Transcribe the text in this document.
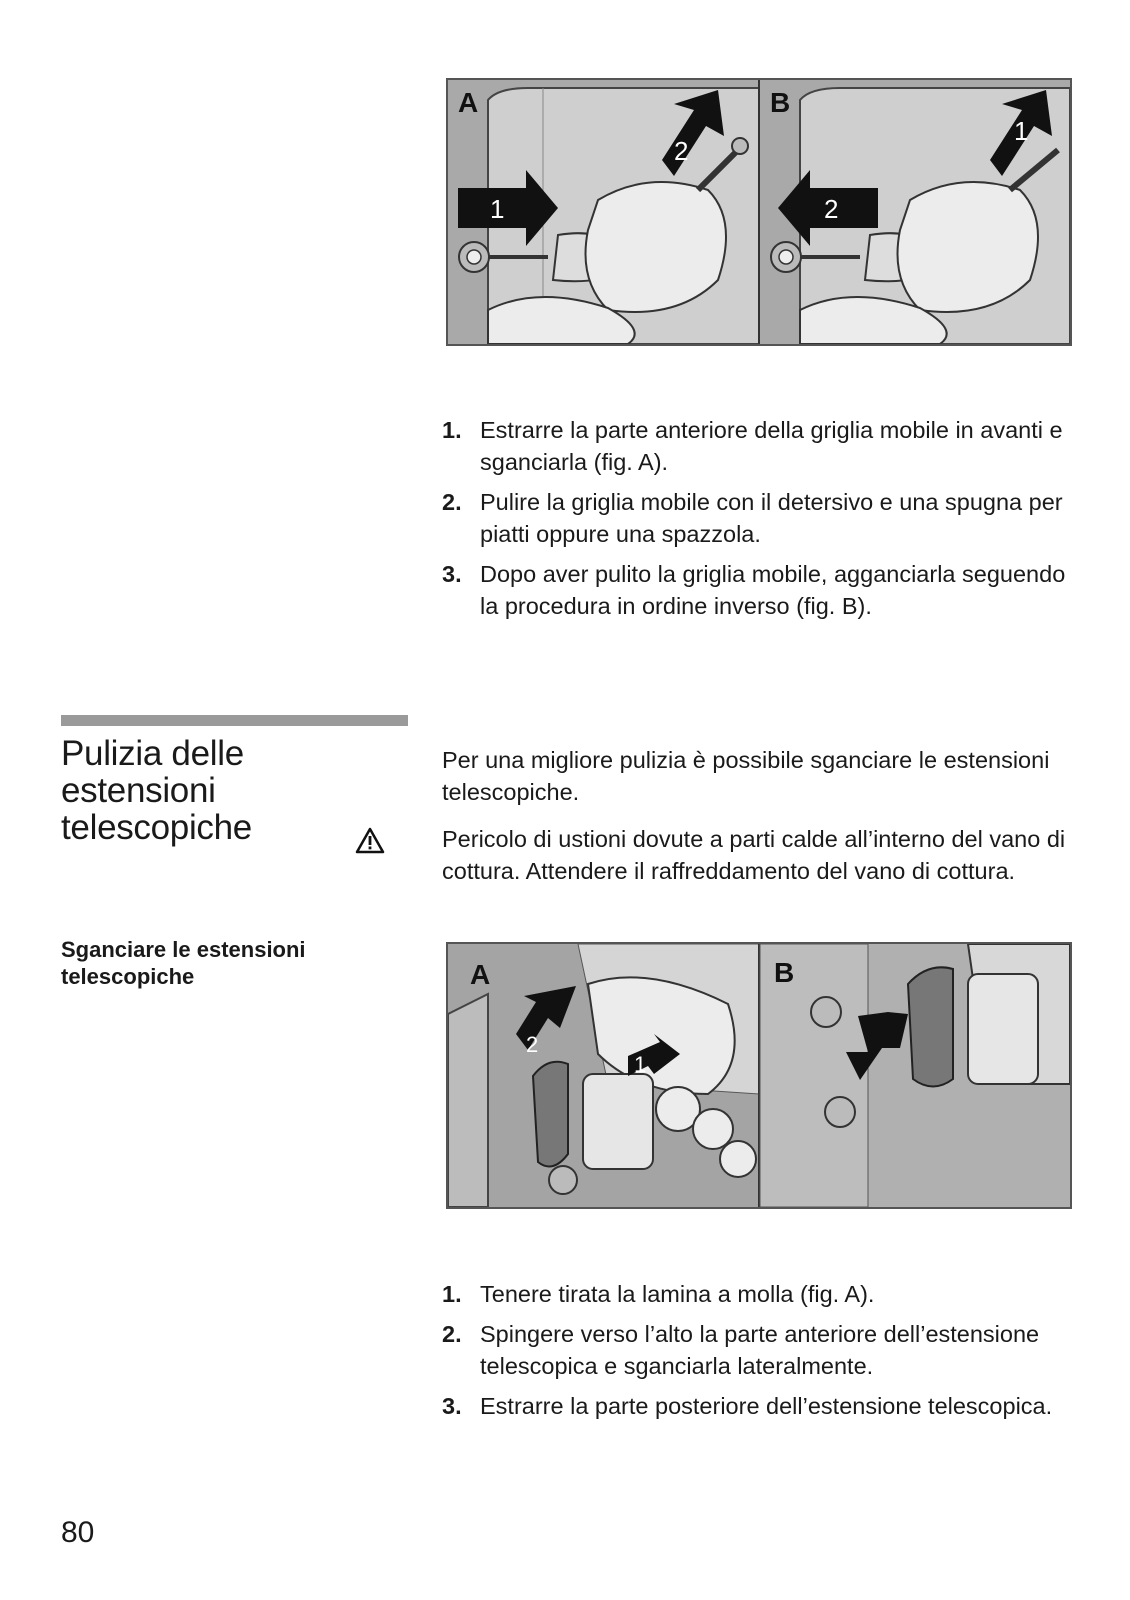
A
1
2
B
2
1
1. Estrarre la parte anteriore della griglia mobile in avanti e sganciarla (fig. A).
2. Pulire la griglia mobile con il detersivo e una spugna per piatti oppure una spazzola.
3. Dopo aver pulito la griglia mobile, agganciarla seguendo la procedura in ordine inverso (fig. B).
Pulizia delle estensioni telescopiche

Per una migliore pulizia è possibile sganciare le estensioni telescopiche.

Pericolo di ustioni dovute a parti calde all’interno del vano di cottura. Attendere il raffreddamento del vano di cottura.

Sganciare le estensioni telescopiche	A
2
1
B
1. Tenere tirata la lamina a molla (fig. A).
2. Spingere verso l’alto la parte anteriore dell’estensione telescopica e sganciarla lateralmente.
3. Estrarre la parte posteriore dell’estensione telescopica.
80
